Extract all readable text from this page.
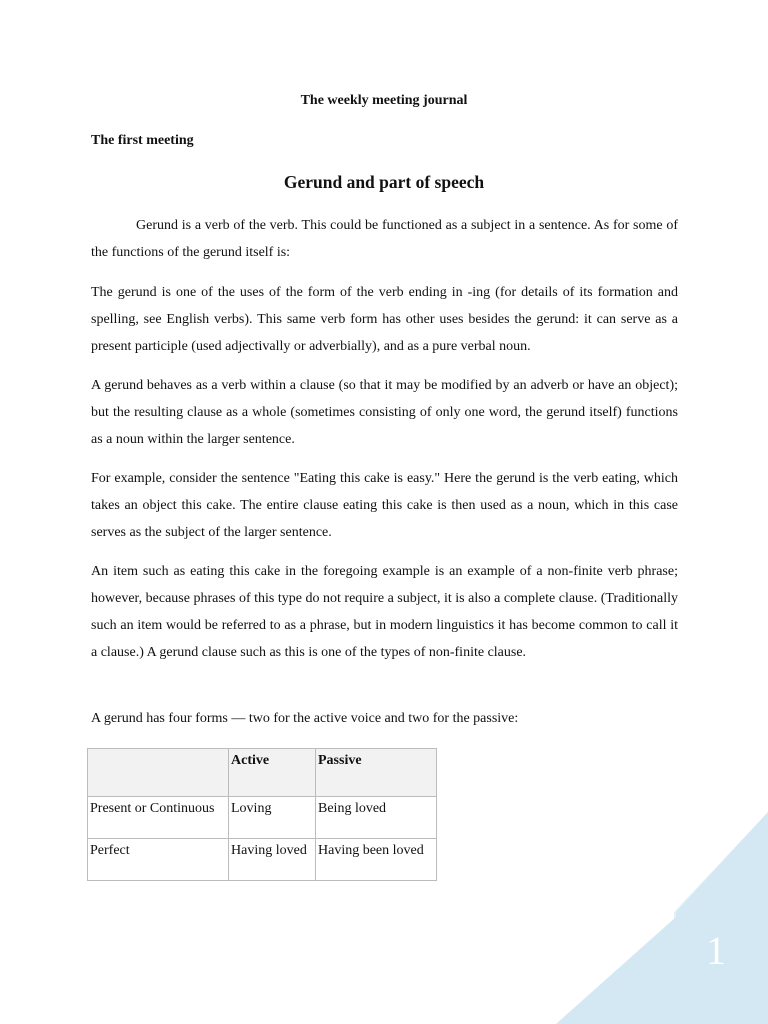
The weekly meeting journal
The first meeting
Gerund and part of speech

Gerund is a verb of the verb. This could be functioned as a subject in a sentence. As for some of the functions of the gerund itself is:

The gerund is one of the uses of the form of the verb ending in -ing (for details of its formation and spelling, see English verbs). This same verb form has other uses besides the gerund: it can serve as a present participle (used adjectivally or adverbially), and as a pure verbal noun.

A gerund behaves as a verb within a clause (so that it may be modified by an adverb or have an object); but the resulting clause as a whole (sometimes consisting of only one word, the gerund itself) functions as a noun within the larger sentence.

For example, consider the sentence "Eating this cake is easy." Here the gerund is the verb eating, which takes an object this cake. The entire clause eating this cake is then used as a noun, which in this case serves as the subject of the larger sentence.

An item such as eating this cake in the foregoing example is an example of a non-finite verb phrase; however, because phrases of this type do not require a subject, it is also a complete clause. (Traditionally such an item would be referred to as a phrase, but in modern linguistics it has become common to call it a clause.) A gerund clause such as this is one of the types of non-finite clause.

A gerund has four forms — two for the active voice and two for the passive:

	Active	Passive
Present or Continuous	Loving	Being loved
Perfect	Having loved	Having been loved
1
